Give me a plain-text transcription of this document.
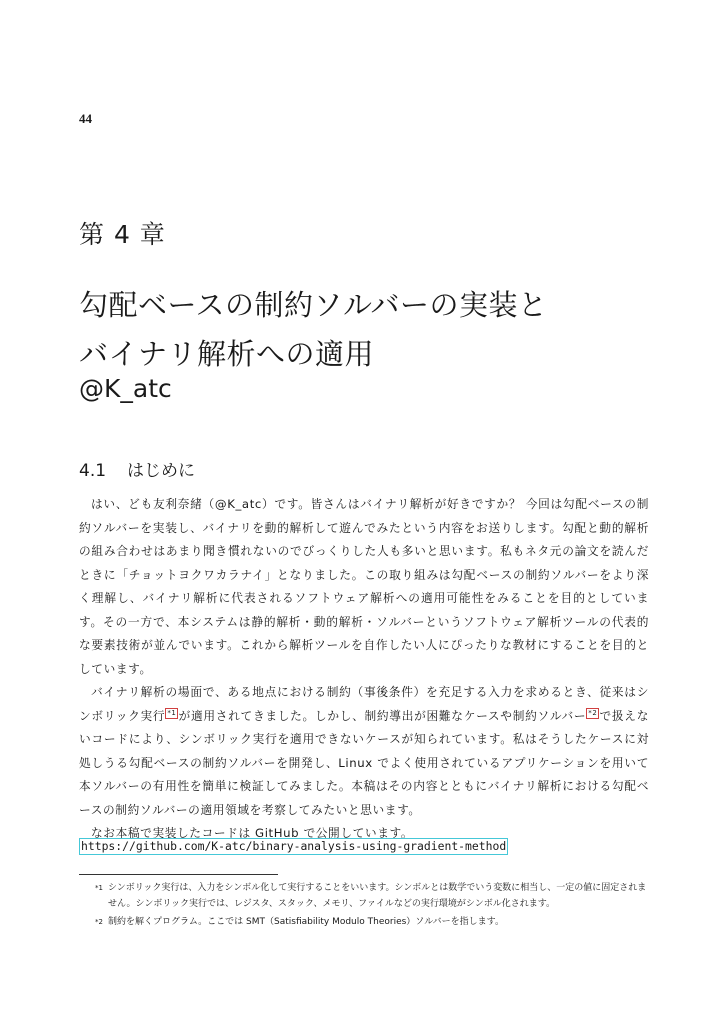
44
第 4 章
勾配ベースの制約ソルバーの実装と
バイナリ解析への適用
@K_atc
4.1 はじめに

はい、ども友利奈緒（@K_atc）です。皆さんはバイナリ解析が好きですか？ 今回は勾配ベースの制約ソルバーを実装し、バイナリを動的解析して遊んでみたという内容をお送りします。勾配と動的解析の組み合わせはあまり聞き慣れないのでびっくりした人も多いと思います。私もネタ元の論文を読んだときに「チョットヨクワカラナイ」となりました。この取り組みは勾配ベースの制約ソルバーをより深く理解し、バイナリ解析に代表されるソフトウェア解析への適用可能性をみることを目的としています。その一方で、本システムは静的解析・動的解析・ソルバーというソフトウェア解析ツールの代表的な要素技術が並んでいます。これから解析ツールを自作したい人にぴったりな教材にすることを目的としています。

バイナリ解析の場面で、ある地点における制約（事後条件）を充足する入力を求めるとき、従来はシンボリック実行 *1 が適用されてきました。しかし、制約導出が困難なケースや制約ソルバー *2 で扱えないコードにより、シンボリック実行を適用できないケースが知られています。私はそうしたケースに対処しうる勾配ベースの制約ソルバーを開発し、Linux でよく使用されているアプリケーションを用いて本ソルバーの有用性を簡単に検証してみました。本稿はその内容とともにバイナリ解析における勾配ベースの制約ソルバーの適用領域を考察してみたいと思います。

なお本稿で実装したコードは GitHub で公開しています。

https://github.com/K-atc/binary-analysis-using-gradient-method
$^{*1}$ シンボリック実行は、入力をシンボル化して実行することをいいます。シンボルとは数学でいう変数に相当し、一定の値に固定されません。シンボリック実行では、レジスタ、スタック、メモリ、ファイルなどの実行環境がシンボル化されます。
$^{*2}$ 制約を解くプログラム。ここでは SMT（Satisfiability Modulo Theories）ソルバーを指します。
